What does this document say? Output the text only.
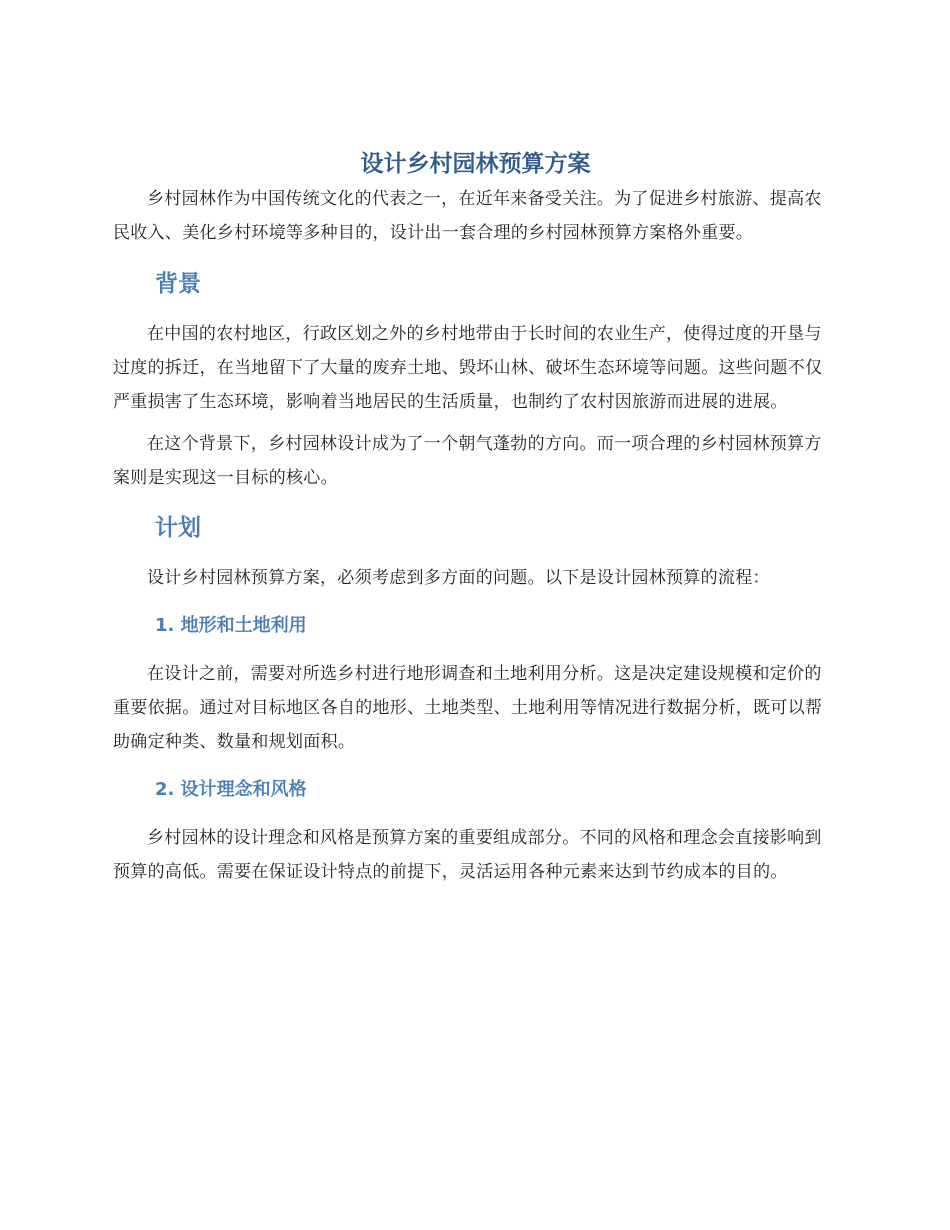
设计乡村园林预算方案

乡村园林作为中国传统文化的代表之一，在近年来备受关注。为了促进乡村旅游、提高农民收入、美化乡村环境等多种目的，设计出一套合理的乡村园林预算方案格外重要。

背景

在中国的农村地区，行政区划之外的乡村地带由于长时间的农业生产，使得过度的开垦与过度的拆迁，在当地留下了大量的废弃土地、毁坏山林、破坏生态环境等问题。这些问题不仅严重损害了生态环境，影响着当地居民的生活质量，也制约了农村因旅游而进展的进展。

在这个背景下，乡村园林设计成为了一个朝气蓬勃的方向。而一项合理的乡村园林预算方案则是实现这一目标的核心。

计划

设计乡村园林预算方案，必须考虑到多方面的问题。以下是设计园林预算的流程：

1. 地形和土地利用

在设计之前，需要对所选乡村进行地形调查和土地利用分析。这是决定建设规模和定价的重要依据。通过对目标地区各自的地形、土地类型、土地利用等情况进行数据分析，既可以帮助确定种类、数量和规划面积。

2. 设计理念和风格

乡村园林的设计理念和风格是预算方案的重要组成部分。不同的风格和理念会直接影响到预算的高低。需要在保证设计特点的前提下，灵活运用各种元素来达到节约成本的目的。
